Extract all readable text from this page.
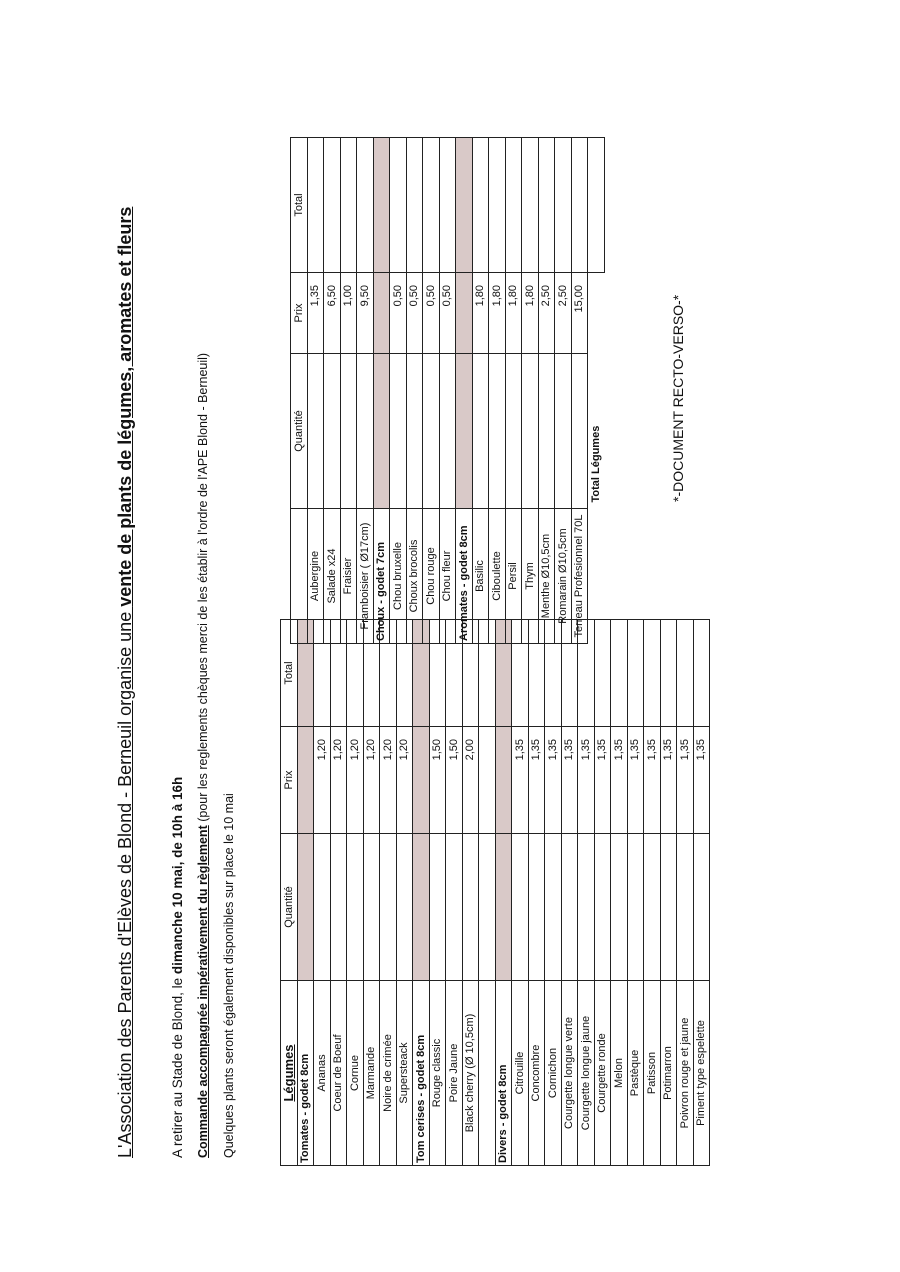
L'Association des Parents d'Elèves de Blond - Berneuil organise une vente de plants de légumes, aromates et fleurs
A retirer au Stade de Blond, le dimanche 10 mai, de 10h à 16h Commande accompagnée impérativement du règlement (pour les reglements chèques merci de les établir à l'ordre de l'APE Blond - Berneuil)
Quelques plants seront également disponibles sur place le 10 mai	Légumes	Quantité	Prix	Total
Tomates - godet 8cm			
Ananas		1,20	
Coeur de Boeuf		1,20	
Cornue		1,20	
Marmande		1,20	
Noire de crimée		1,20	
Supersteack		1,20	
Tom cerises - godet 8cm			
Rouge classic		1,50	
Poire Jaune		1,50	
Black cherry (Ø 10,5cm)		2,00	

Divers - godet 8cm			
Citrouille		1,35	
Concombre		1,35	
Cornichon		1,35	
Courgette longue verte		1,35	
Courgette longue jaune		1,35	
Courgette ronde		1,35	
Melon		1,35	
Pastèque		1,35	
Patisson		1,35	
Potimarron		1,35	
Poivron rouge et jaune		1,35	
Piment type espelette		1,35	
	Quantité	Prix	Total
Aubergine		1,35	
Salade x24		6,50	
Fraisier		1,00	
Framboisier ( Ø17cm)		9,50	
Choux - godet 7cm			
Chou bruxelle		0,50	
Choux brocolis		0,50	
Chou rouge		0,50	
Chou fleur		0,50	
Aromates - godet 8cm			
Basilic		1,80	
Ciboulette		1,80	
Persil		1,80	
Thym		1,80	
Menthe Ø10,5cm		2,50	
Romarain Ø10,5cm		2,50	
Terreau Profesionnel 70L		15,00	
	Total Légumes			*-DOCUMENT RECTO-VERSO-*
